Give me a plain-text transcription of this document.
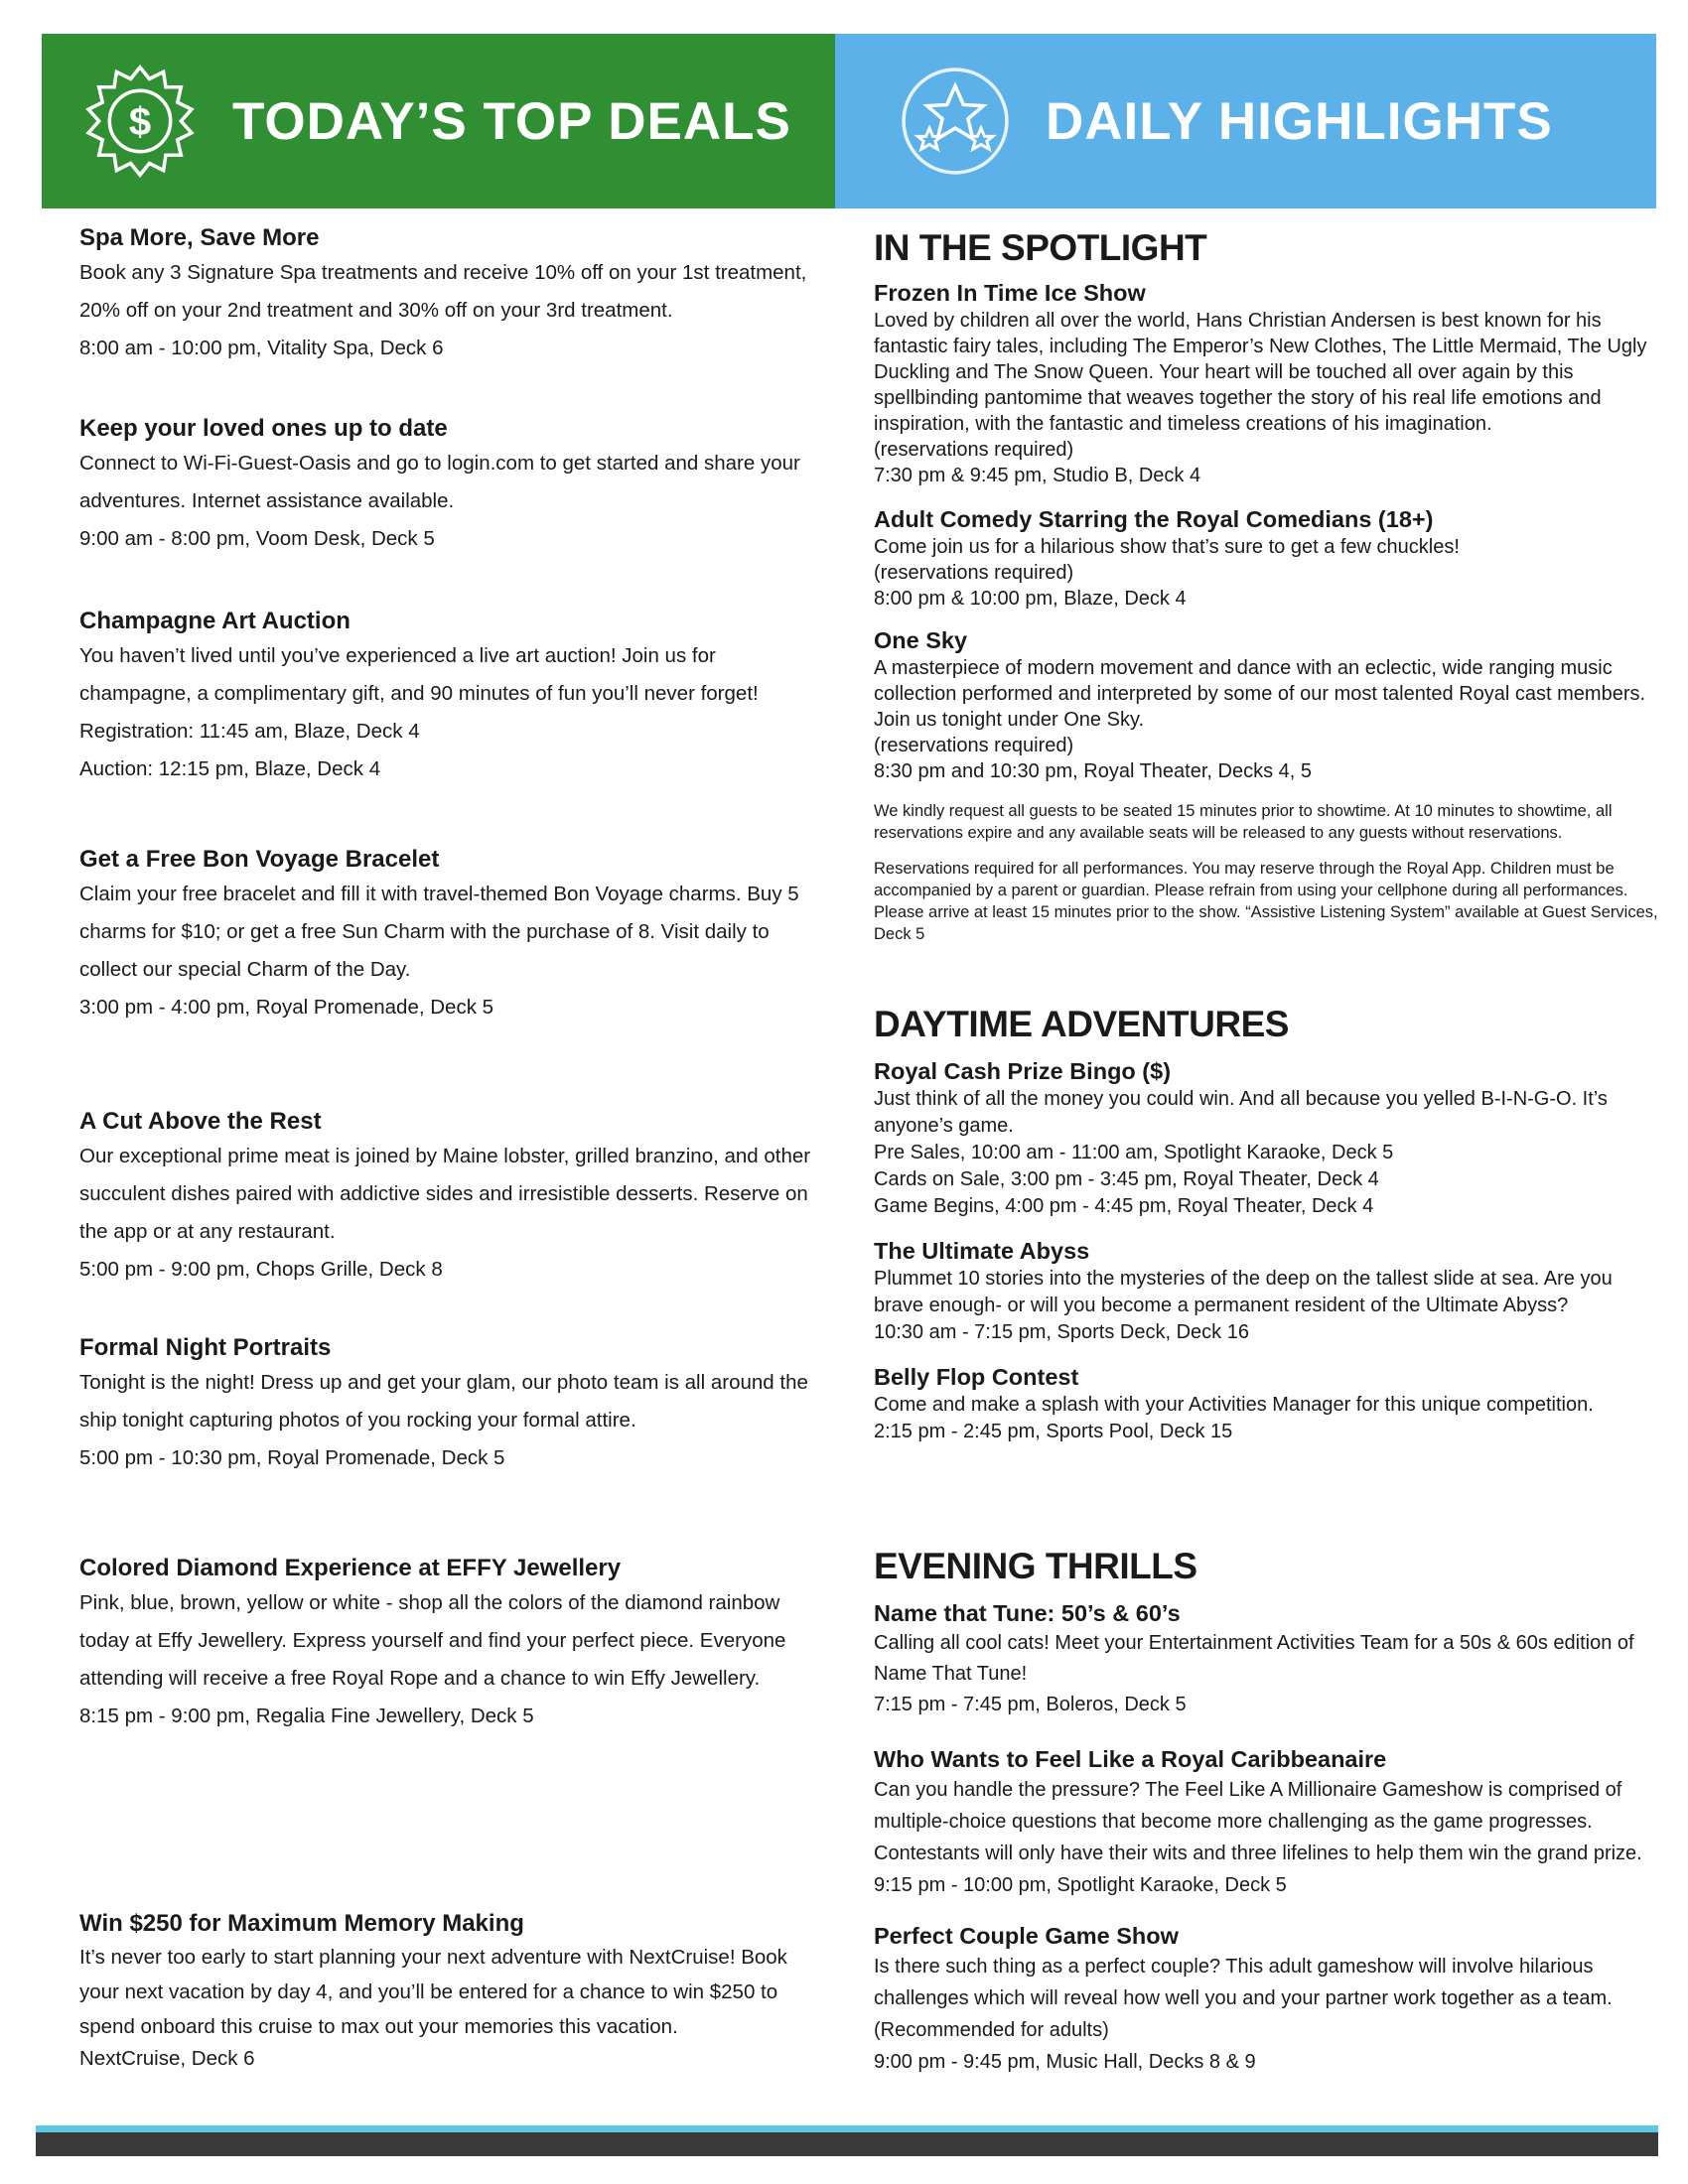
$ TODAY’S TOP DEALS	DAILY HIGHLIGHTS

Spa More, Save More

Book any 3 Signature Spa treatments and receive 10% off on your 1st treatment, 20% off on your 2nd treatment and 30% off on your 3rd treatment.

8:00 am - 10:00 pm, Vitality Spa, Deck 6

Keep your loved ones up to date

Connect to Wi-Fi-Guest-Oasis and go to login.com to get started and share your adventures. Internet assistance available.

9:00 am - 8:00 pm, Voom Desk, Deck 5

Champagne Art Auction

You haven’t lived until you’ve experienced a live art auction! Join us for champagne, a complimentary gift, and 90 minutes of fun you’ll never forget!

Registration: 11:45 am, Blaze, Deck 4

Auction: 12:15 pm, Blaze, Deck 4

Get a Free Bon Voyage Bracelet

Claim your free bracelet and fill it with travel-themed Bon Voyage charms. Buy 5 charms for $10; or get a free Sun Charm with the purchase of 8. Visit daily to collect our special Charm of the Day.

3:00 pm - 4:00 pm, Royal Promenade, Deck 5

A Cut Above the Rest

Our exceptional prime meat is joined by Maine lobster, grilled branzino, and other succulent dishes paired with addictive sides and irresistible desserts. Reserve on the app or at any restaurant.

5:00 pm - 9:00 pm, Chops Grille, Deck 8

Formal Night Portraits

Tonight is the night! Dress up and get your glam, our photo team is all around the ship tonight capturing photos of you rocking your formal attire.

5:00 pm - 10:30 pm, Royal Promenade, Deck 5

Colored Diamond Experience at EFFY Jewellery

Pink, blue, brown, yellow or white - shop all the colors of the diamond rainbow today at Effy Jewellery. Express yourself and find your perfect piece. Everyone attending will receive a free Royal Rope and a chance to win Effy Jewellery.

8:15 pm - 9:00 pm, Regalia Fine Jewellery, Deck 5

Win $250 for Maximum Memory Making

It’s never too early to start planning your next adventure with NextCruise! Book your next vacation by day 4, and you’ll be entered for a chance to win $250 to spend onboard this cruise to max out your memories this vacation.

NextCruise, Deck 6

IN THE SPOTLIGHT

Frozen In Time Ice Show

Loved by children all over the world, Hans Christian Andersen is best known for his fantastic fairy tales, including The Emperor’s New Clothes, The Little Mermaid, The Ugly Duckling and The Snow Queen. Your heart will be touched all over again by this spellbinding pantomime that weaves together the story of his real life emotions and inspiration, with the fantastic and timeless creations of his imagination.

(reservations required)

7:30 pm & 9:45 pm, Studio B, Deck 4

Adult Comedy Starring the Royal Comedians (18+)

Come join us for a hilarious show that’s sure to get a few chuckles!

(reservations required)

8:00 pm & 10:00 pm, Blaze, Deck 4

One Sky

A masterpiece of modern movement and dance with an eclectic, wide ranging music collection performed and interpreted by some of our most talented Royal cast members. Join us tonight under One Sky.

(reservations required)

8:30 pm and 10:30 pm, Royal Theater, Decks 4, 5

We kindly request all guests to be seated 15 minutes prior to showtime. At 10 minutes to showtime, all reservations expire and any available seats will be released to any guests without reservations.

Reservations required for all performances. You may reserve through the Royal App. Children must be accompanied by a parent or guardian. Please refrain from using your cellphone during all performances. Please arrive at least 15 minutes prior to the show. “Assistive Listening System” available at Guest Services, Deck 5

DAYTIME ADVENTURES

Royal Cash Prize Bingo ($)

Just think of all the money you could win. And all because you yelled B-I-N-G-O. It’s anyone’s game.

Pre Sales, 10:00 am - 11:00 am, Spotlight Karaoke, Deck 5

Cards on Sale, 3:00 pm - 3:45 pm, Royal Theater, Deck 4

Game Begins, 4:00 pm - 4:45 pm, Royal Theater, Deck 4

The Ultimate Abyss

Plummet 10 stories into the mysteries of the deep on the tallest slide at sea. Are you brave enough- or will you become a permanent resident of the Ultimate Abyss?

10:30 am - 7:15 pm, Sports Deck, Deck 16

Belly Flop Contest

Come and make a splash with your Activities Manager for this unique competition.

2:15 pm - 2:45 pm, Sports Pool, Deck 15

EVENING THRILLS

Name that Tune: 50’s & 60’s

Calling all cool cats! Meet your Entertainment Activities Team for a 50s & 60s edition of Name That Tune!

7:15 pm - 7:45 pm, Boleros, Deck 5

Who Wants to Feel Like a Royal Caribbeanaire

Can you handle the pressure? The Feel Like A Millionaire Gameshow is comprised of multiple-choice questions that become more challenging as the game progresses. Contestants will only have their wits and three lifelines to help them win the grand prize.

9:15 pm - 10:00 pm, Spotlight Karaoke, Deck 5

Perfect Couple Game Show

Is there such thing as a perfect couple? This adult gameshow will involve hilarious challenges which will reveal how well you and your partner work together as a team. (Recommended for adults)

9:00 pm - 9:45 pm, Music Hall, Decks 8 & 9
